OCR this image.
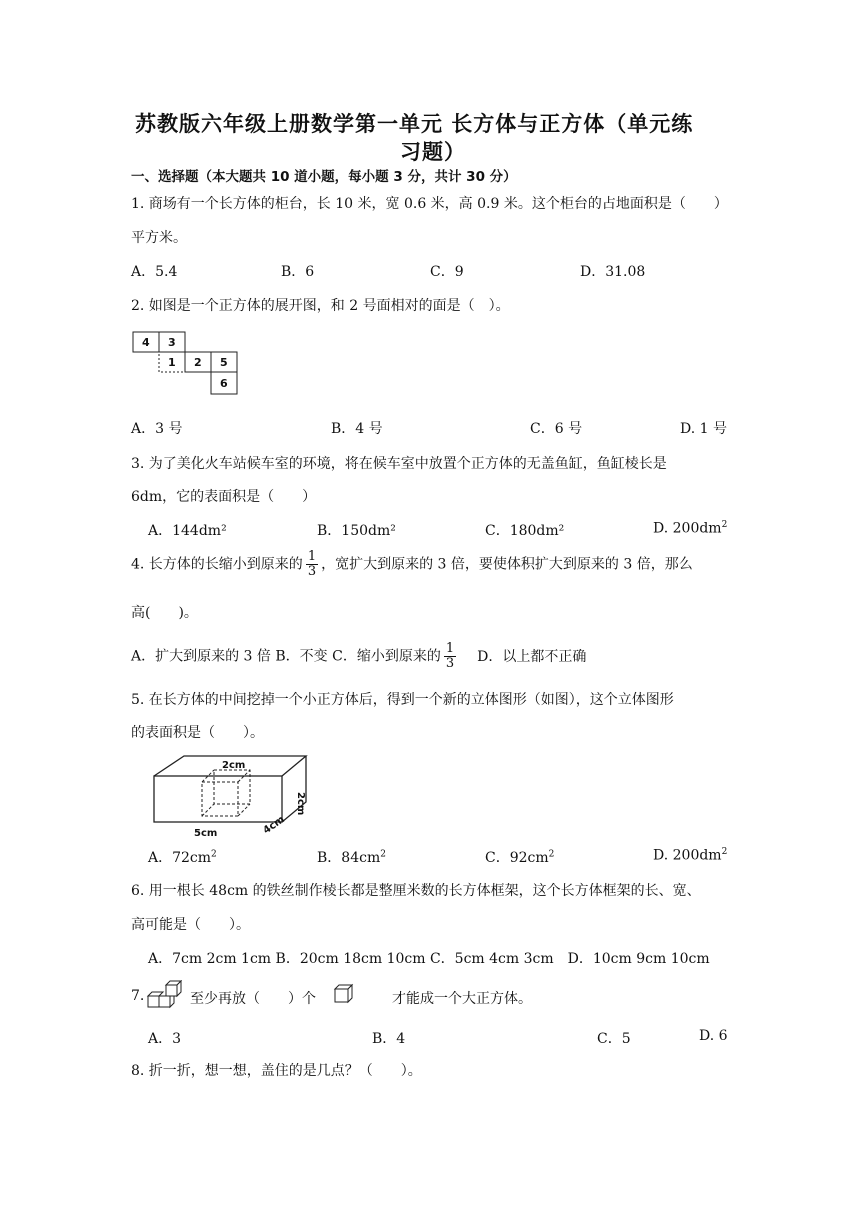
苏教版六年级上册数学第一单元 长方体与正方体（单元练
习题）
一、选择题（本大题共 10 道小题，每小题 3 分，共计 30 分）
1. 商场有一个长方体的柜台，长 10 米，宽 0.6 米，高 0.9 米。这个柜台的占地面积是（　　）
平方米。
A．5.4	B．6	C．9	D．31.08
2. 如图是一个正方体的展开图，和 2 号面相对的面是（　）。
4 3
1 2 5
6
A．3 号	B．4 号	C．6 号	D. 1 号
3. 为了美化火车站候车室的环境，将在候车室中放置个正方体的无盖鱼缸，鱼缸棱长是
6dm，它的表面积是（　　）
A．144dm²	B．150dm²	C．180dm²	D. $200dm^2$
4. 长方体的长缩小到原来的 $\frac{1}{3}$ ，宽扩大到原来的 3 倍，要使体积扩大到原来的 3 倍，那么
高(　　)。
A．扩大到原来的 3 倍 B．不变 C．缩小到原来的 $\frac{1}{3}$ D．以上都不正确
5. 在长方体的中间挖掉一个小正方体后，得到一个新的立体图形（如图），这个立体图形
的表面积是（　　）。
2cm
2cm
5cm	4cm
A．$72cm^2$	B．$84cm^2$	C．$92cm^2$	D. $200dm^2$
6. 用一根长 48cm 的铁丝制作棱长都是整厘米数的长方体框架，这个长方体框架的长、宽、
高可能是（　　）。
A．7cm 2cm 1cm B．20cm 18cm 10cm C．5cm 4cm 3cm　D．10cm 9cm 10cm
7.	至少再放（　　）个	才能成一个大正方体。
A．3	B．4	C．5	D. 6
8. 折一折，想一想，盖住的是几点？（　　）。
